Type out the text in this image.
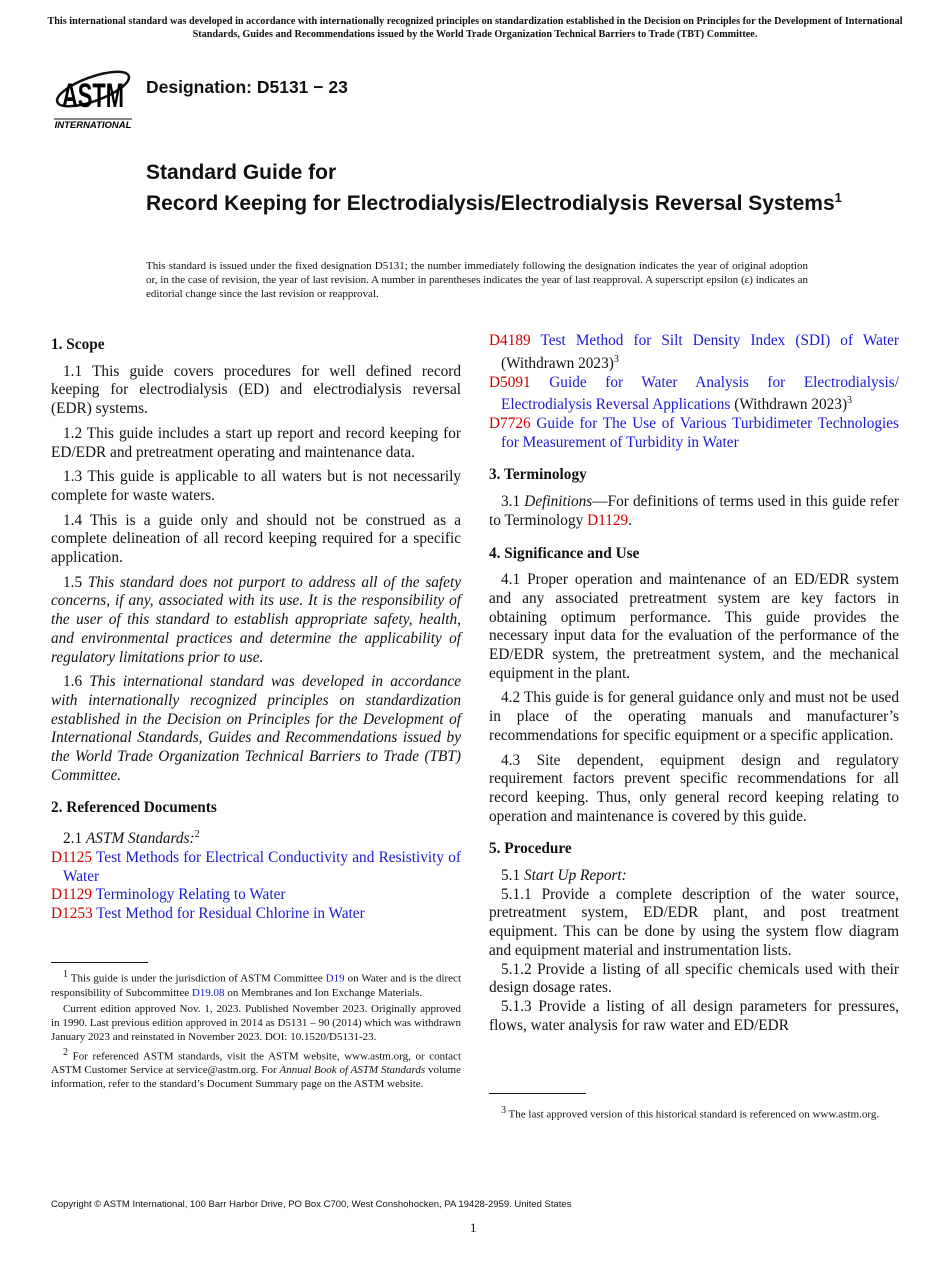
This international standard was developed in accordance with internationally recognized principles on standardization established in the Decision on Principles for the Development of International Standards, Guides and Recommendations issued by the World Trade Organization Technical Barriers to Trade (TBT) Committee.
ASTM
INTERNATIONAL
Designation: D5131 − 23
Standard Guide for
Record Keeping for Electrodialysis/Electrodialysis Reversal Systems$^1$
This standard is issued under the fixed designation D5131; the number immediately following the designation indicates the year of original adoption or, in the case of revision, the year of last revision. A number in parentheses indicates the year of last reapproval. A superscript epsilon (ε) indicates an editorial change since the last revision or reapproval.
1. Scope

1.1 This guide covers procedures for well defined record keeping for electrodialysis (ED) and electrodialysis reversal (EDR) systems.

1.2 This guide includes a start up report and record keeping for ED/EDR and pretreatment operating and maintenance data.

1.3 This guide is applicable to all waters but is not necessarily complete for waste waters.

1.4 This is a guide only and should not be construed as a complete delineation of all record keeping required for a specific application.

1.5 This standard does not purport to address all of the safety concerns, if any, associated with its use. It is the responsibility of the user of this standard to establish appropriate safety, health, and environmental practices and determine the applicability of regulatory limitations prior to use.

1.6 This international standard was developed in accordance with internationally recognized principles on standardization established in the Decision on Principles for the Development of International Standards, Guides and Recommendations issued by the World Trade Organization Technical Barriers to Trade (TBT) Committee.

2. Referenced Documents

2.1 ASTM Standards:$^2$

D1125 Test Methods for Electrical Conductivity and Resistivity of Water
D1129 Terminology Relating to Water
D1253 Test Method for Residual Chlorine in Water
D4189 Test Method for Silt Density Index (SDI) of Water (Withdrawn 2023)$^3$
D5091 Guide for Water Analysis for Electrodialysis/ Electrodialysis Reversal Applications (Withdrawn 2023)$^3$
D7726 Guide for The Use of Various Turbidimeter Technologies for Measurement of Turbidity in Water
3. Terminology

3.1 Definitions—For definitions of terms used in this guide refer to Terminology D1129.

4. Significance and Use

4.1 Proper operation and maintenance of an ED/EDR system and any associated pretreatment system are key factors in obtaining optimum performance. This guide provides the necessary input data for the evaluation of the performance of the ED/EDR system, the pretreatment system, and the mechanical equipment in the plant.

4.2 This guide is for general guidance only and must not be used in place of the operating manuals and manufacturer’s recommendations for specific equipment or a specific application.

4.3 Site dependent, equipment design and regulatory requirement factors prevent specific recommendations for all record keeping. Thus, only general record keeping relating to operation and maintenance is covered by this guide.

5. Procedure

5.1 Start Up Report:

5.1.1 Provide a complete description of the water source, pretreatment system, ED/EDR plant, and post treatment equipment. This can be done by using the system flow diagram and equipment material and instrumentation lists.

5.1.2 Provide a listing of all specific chemicals used with their design dosage rates.

5.1.3 Provide a listing of all design parameters for pressures, flows, water analysis for raw water and ED/EDR

1 This guide is under the jurisdiction of ASTM Committee D19 on Water and is the direct responsibility of Subcommittee D19.08 on Membranes and Ion Exchange Materials.

Current edition approved Nov. 1, 2023. Published November 2023. Originally approved in 1990. Last previous edition approved in 2014 as D5131 – 90 (2014) which was withdrawn January 2023 and reinstated in November 2023. DOI: 10.1520/D5131-23.

2 For referenced ASTM standards, visit the ASTM website, www.astm.org, or contact ASTM Customer Service at service@astm.org. For Annual Book of ASTM Standards volume information, refer to the standard’s Document Summary page on the ASTM website.

3 The last approved version of this historical standard is referenced on www.astm.org.

Copyright © ASTM International, 100 Barr Harbor Drive, PO Box C700, West Conshohocken, PA 19428-2959. United States
1
